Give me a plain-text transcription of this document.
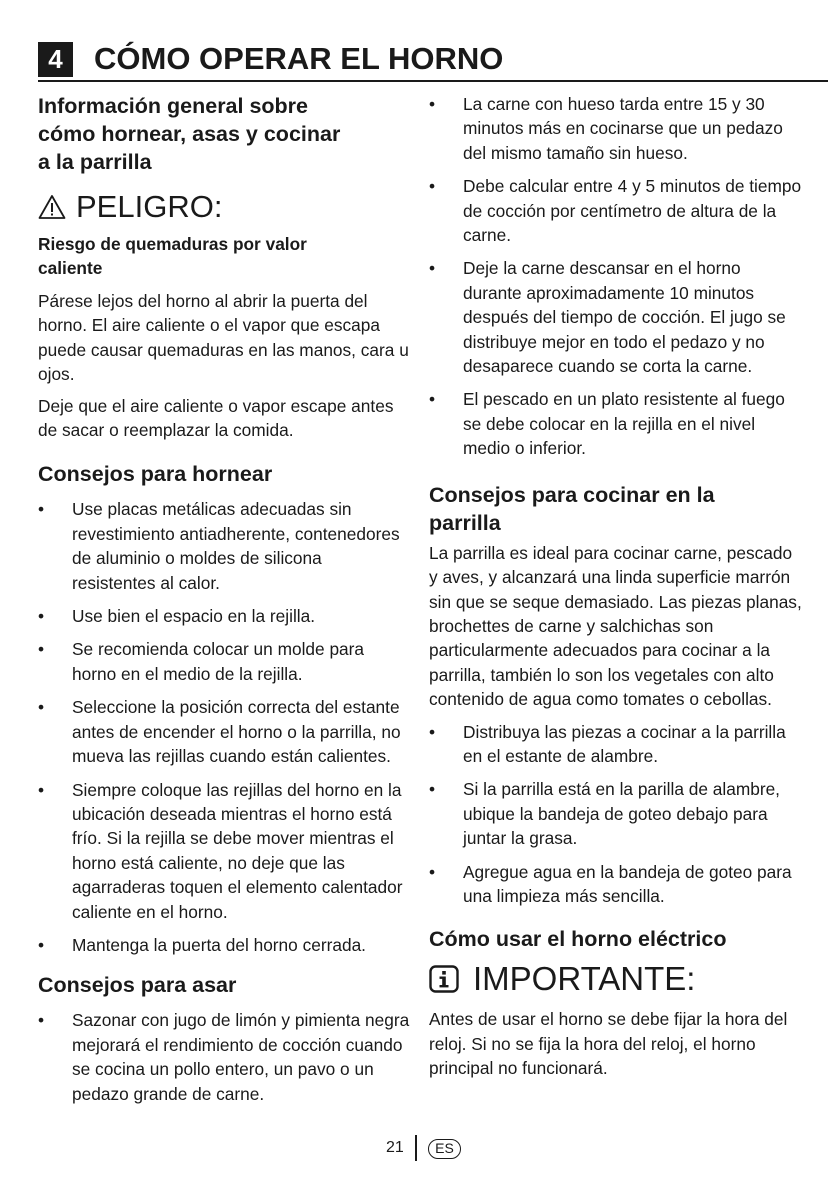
4	CÓMO OPERAR EL HORNO
Información general sobre cómo hornear, asas y cocinar a la parrilla
PELIGRO:
Riesgo de quemaduras por valor caliente

Párese lejos del horno al abrir la puerta del horno. El aire caliente o el vapor que escapa puede causar quemaduras en las manos, cara u ojos.

Deje que el aire caliente o vapor escape antes de sacar o reemplazar la comida.

Consejos para hornear
• Use placas metálicas adecuadas sin revestimiento antiadherente, contenedores de aluminio o moldes de silicona resistentes al calor.
• Use bien el espacio en la rejilla.
• Se recomienda colocar un molde para horno en el medio de la rejilla.
• Seleccione la posición correcta del estante antes de encender el horno o la parrilla, no mueva las rejillas cuando están calientes.
• Siempre coloque las rejillas del horno en la ubicación deseada mientras el horno está frío. Si la rejilla se debe mover mientras el horno está caliente, no deje que las agarraderas toquen el elemento calentador caliente en el horno.
• Mantenga la puerta del horno cerrada.
Consejos para asar
• Sazonar con jugo de limón y pimienta negra mejorará el rendimiento de cocción cuando se cocina un pollo entero, un pavo o un pedazo grande de carne.
• La carne con hueso tarda entre 15 y 30 minutos más en cocinarse que un pedazo del mismo tamaño sin hueso.
• Debe calcular entre 4 y 5 minutos de tiempo de cocción por centímetro de altura de la carne.
• Deje la carne descansar en el horno durante aproximadamente 10 minutos después del tiempo de cocción. El jugo se distribuye mejor en todo el pedazo y no desaparece cuando se corta la carne.
• El pescado en un plato resistente al fuego se debe colocar en la rejilla en el nivel medio o inferior.
Consejos para cocinar en la parrilla

La parrilla es ideal para cocinar carne, pescado y aves, y alcanzará una linda superficie marrón sin que se seque demasiado. Las piezas planas, brochettes de carne y salchichas son particularmente adecuados para cocinar a la parrilla, también lo son los vegetales con alto contenido de agua como tomates o cebollas.

• Distribuya las piezas a cocinar a la parrilla en el estante de alambre.
• Si la parrilla está en la parilla de alambre, ubique la bandeja de goteo debajo para juntar la grasa.
• Agregue agua en la bandeja de goteo para una limpieza más sencilla.
Cómo usar el horno eléctrico
IMPORTANTE:

Antes de usar el horno se debe fijar la hora del reloj. Si no se fija la hora del reloj, el horno principal no funcionará.

21	ES
